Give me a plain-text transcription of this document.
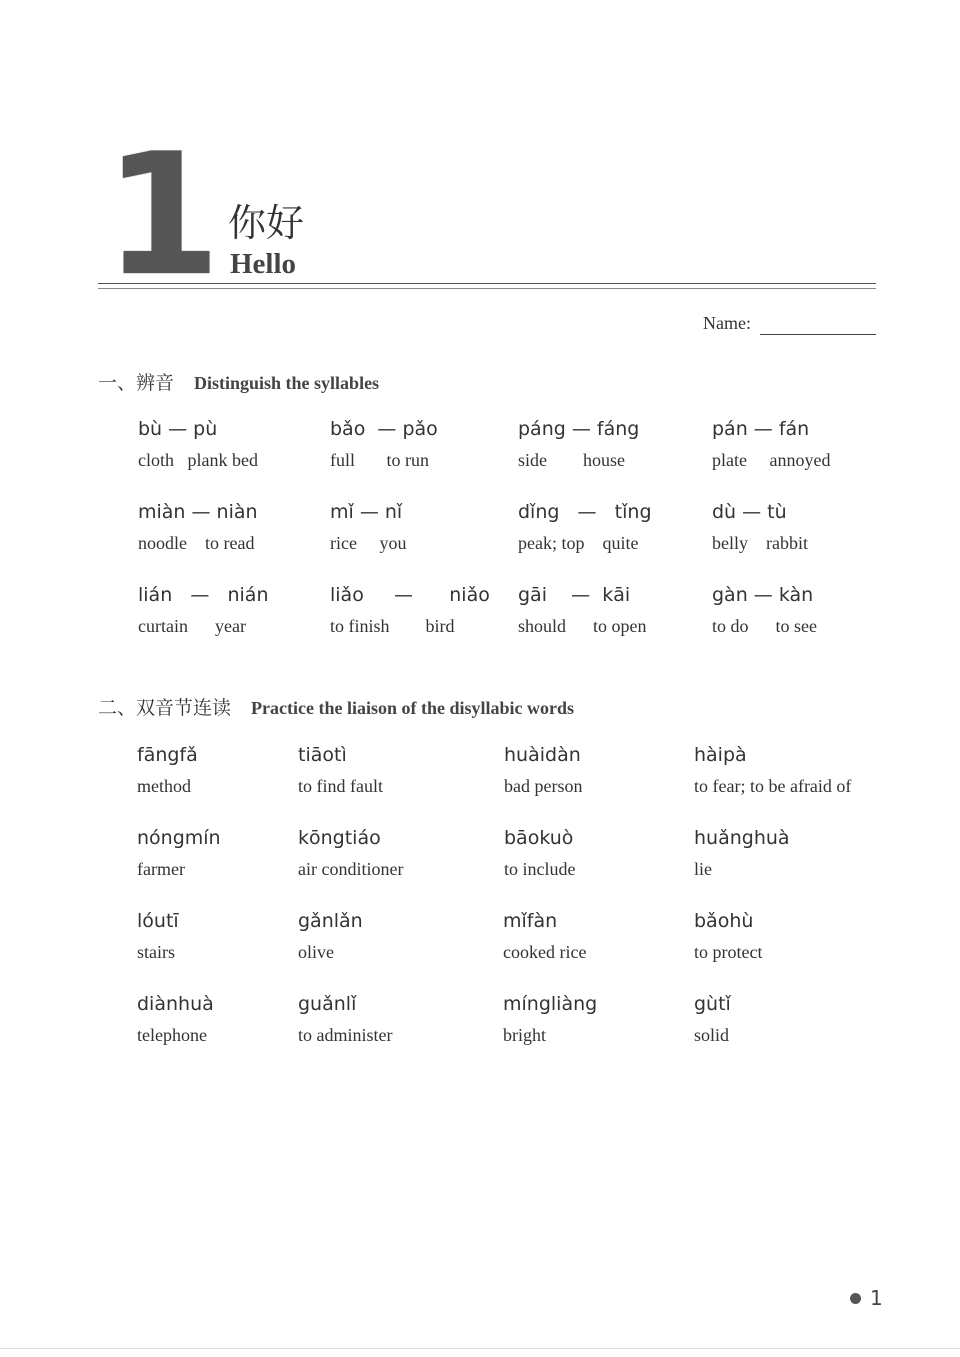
1 你好
Hello
Name:
一、辨音 Distinguish the syllables
bù — pù
cloth   plank bed
bǎo  — pǎo
full       to run
páng — fáng
side        house
pán — fán
plate     annoyed
miàn — niàn
noodle    to read
mǐ — nǐ
rice     you
dǐng   —   tǐng
peak; top    quite
dù — tù
belly    rabbit
lián   —   nián
curtain      year
liǎo     —      niǎo
to finish        bird
gāi    —  kāi
should      to open
gàn — kàn
to do      to see
二、双音节连读 Practice the liaison of the disyllabic words
fāngfǎ
method
tiāotì
to find fault
huàidàn
bad person
hàipà
to fear; to be afraid of
nóngmín
farmer
kōngtiáo
air conditioner
bāokuò
to include
huǎnghuà
lie
lóutī
stairs
gǎnlǎn
olive
mǐfàn
cooked rice
bǎohù
to protect
diànhuà
telephone
guǎnlǐ
to administer
míngliàng
bright
gùtǐ
solid
1
